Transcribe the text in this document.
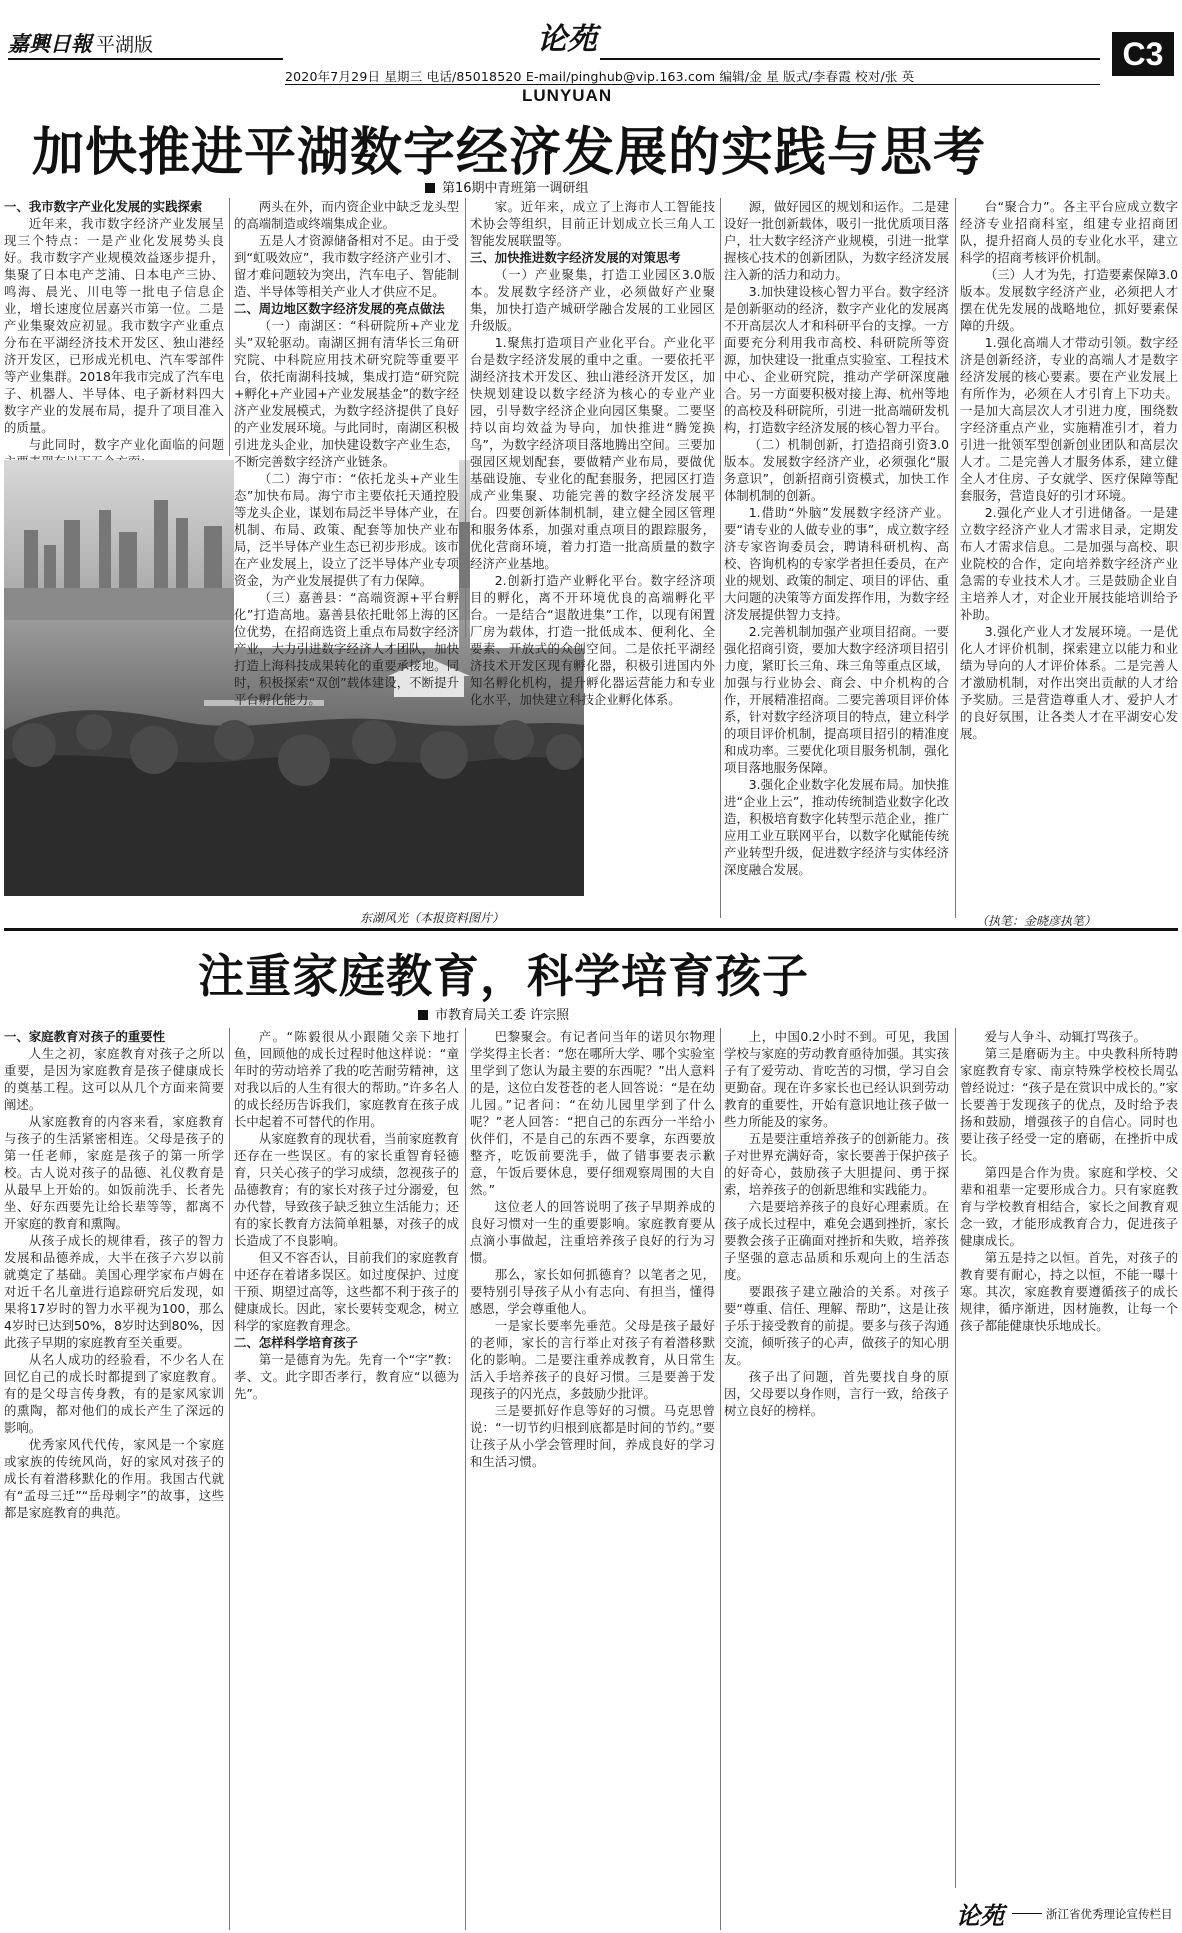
嘉興日報 平湖版	论苑
2020年7月29日 星期三 电话/85018520 E-mail/pinghub@vip.163.com 编辑/金 星 版式/李春霞 校对/张 英
LUNYUAN
C3
加快推进平湖数字经济发展的实践与思考
第16期中青班第一调研组

一、我市数字产业化发展的实践探索

近年来，我市数字经济产业发展呈现三个特点：一是产业化发展势头良好。我市数字产业规模效益逐步提升，集聚了日本电产芝浦、日本电产三协、鸣海、晨光、川电等一批电子信息企业，增长速度位居嘉兴市第一位。二是产业集聚效应初显。我市数字产业重点分布在平湖经济技术开发区、独山港经济开发区，已形成光机电、汽车零部件等产业集群。2018年我市完成了汽车电子、机器人、半导体、电子新材料四大数字产业的发展布局，提升了项目准入的质量。

与此同时，数字产业化面临的问题

两头在外，而内资企业中缺乏龙头型的高端制造或终端集成企业。

五是人才资源储备相对不足。由于受到“虹吸效应”，我市数字经济产业引才、留才难问题较为突出，汽车电子、智能制造、半导体等相关产业人才供应不足。

二、周边地区数字经济发展的亮点做法

（一）南湖区：“科研院所+产业龙头”双轮驱动。南湖区拥有清华长三角研究院、中科院应用技术研究院等重要平台，依托南湖科技城，集成打造“研究院+孵化+产业园+产业发展基金”的数字经济产业发展模式，为数字经济提供了良好的产业发展环境。与此同时，南湖区积极引进龙头企业，加快建设数字产业生态，不断完善数字经济产业链条。

（二）海宁市：“依托龙头+产业生态”加快布局。海宁市主要依托天通控股等龙头企业，谋划布局泛半导体产业，在机制、布局、政策、配套等加快产业布局，泛半导体产业生态已初步形成。该市在产业发展上，设立了泛半导体产业专项资金，为产业发展提供了有力保障。

（三）嘉善县：“高端资源+平台孵化”打造高地。嘉善县依托毗邻上海的区位优势，在招商选资上重点布局数字经济产业，大力引进数字经济人才团队，加快打造上海科技成果转化的重要承接地。同时，积极探索“双创”载体建设，不断提升平台孵化能力。

家。近年来，成立了上海市人工智能技术协会等组织，目前正计划成立长三角人工智能发展联盟等。

三、加快推进数字经济发展的对策思考

（一）产业聚集，打造工业园区3.0版本。发展数字经济产业，必须做好产业聚集，加快打造产城研学融合发展的工业园区升级版。

1.聚焦打造项目产业化平台。产业化平台是数字经济发展的重中之重。一要依托平湖经济技术开发区、独山港经济开发区，加快规划建设以数字经济为核心的专业产业园，引导数字经济企业向园区集聚。二要坚持以亩均效益为导向，加快推进“腾笼换鸟”，为数字经济项目落地腾出空间。三要加强园区规划配套，要做精产业布局，要做优基础设施、专业化的配套服务，把园区打造成产业集聚、功能完善的数字经济发展平台。四要创新体制机制，建立健全园区管理和服务体系，加强对重点项目的跟踪服务，优化营商环境，着力打造一批高质量的数字经济产业基地。

2.创新打造产业孵化平台。数字经济项目的孵化，离不开环境优良的高端孵化平台。一是结合“退散进集”工作，以现有闲置厂房为载体，打造一批低成本、便利化、全要素、开放式的众创空间。二是依托平湖经济技术开发区现有孵化器，积极引进国内外知名孵化机构，提升孵化器运营能力和专业化水平，加快建立科技企业孵化体系。

源，做好园区的规划和运作。二是建设好一批创新载体，吸引一批优质项目落户，壮大数字经济产业规模，引进一批掌握核心技术的创新团队，为数字经济发展注入新的活力和动力。

3.加快建设核心智力平台。数字经济是创新驱动的经济，数字产业化的发展离不开高层次人才和科研平台的支撑。一方面要充分利用我市高校、科研院所等资源，加快建设一批重点实验室、工程技术中心、企业研究院，推动产学研深度融合。另一方面要积极对接上海、杭州等地的高校及科研院所，引进一批高端研发机构，打造数字经济发展的核心智力平台。

（二）机制创新，打造招商引资3.0版本。发展数字经济产业，必须强化“服务意识”，创新招商引资模式，加快工作体制机制的创新。

1.借助“外脑”发展数字经济产业。要“请专业的人做专业的事”，成立数字经济专家咨询委员会，聘请科研机构、高校、咨询机构的专家学者担任委员，在产业的规划、政策的制定、项目的评估、重大问题的决策等方面发挥作用，为数字经济发展提供智力支持。

2.完善机制加强产业项目招商。一要强化招商引资，要加大数字经济项目招引力度，紧盯长三角、珠三角等重点区域，加强与行业协会、商会、中介机构的合作，开展精准招商。二要完善项目评价体系，针对数字经济项目的特点，建立科学的项目评价机制，提高项目招引的精准度和成功率。三要优化项目服务机制，强化项目落地服务保障。

3.强化企业数字化发展布局。加快推进“企业上云”，推动传统制造业数字化改造，积极培育数字化转型示范企业，推广应用工业互联网平台，以数字化赋能传统产业转型升级，促进数字经济与实体经济深度融合发展。

台“聚合力”。各主平台应成立数字经济专业招商科室，组建专业招商团队，提升招商人员的专业化水平，建立科学的招商考核评价机制。

（三）人才为先，打造要素保障3.0版本。发展数字经济产业，必须把人才摆在优先发展的战略地位，抓好要素保障的升级。

1.强化高端人才带动引领。数字经济是创新经济，专业的高端人才是数字经济发展的核心要素。要在产业发展上有所作为，必须在人才引育上下功夫。一是加大高层次人才引进力度，围绕数字经济重点产业，实施精准引才，着力引进一批领军型创新创业团队和高层次人才。二是完善人才服务体系，建立健全人才住房、子女就学、医疗保障等配套服务，营造良好的引才环境。

2.强化产业人才引进储备。一是建立数字经济产业人才需求目录，定期发布人才需求信息。二是加强与高校、职业院校的合作，定向培养数字经济产业急需的专业技术人才。三是鼓励企业自主培养人才，对企业开展技能培训给予补助。

3.强化产业人才发展环境。一是优化人才评价机制，探索建立以能力和业绩为导向的人才评价体系。二是完善人才激励机制，对作出突出贡献的人才给予奖励。三是营造尊重人才、爱护人才的良好氛围，让各类人才在平湖安心发展。

东湖风光（本报资料图片）	（执笔：金晓彦执笔）
注重家庭教育，科学培育孩子
市教育局关工委 许宗照

一、家庭教育对孩子的重要性

人生之初，家庭教育对孩子之所以重要，是因为家庭教育是孩子健康成长的奠基工程。这可以从几个方面来简要阐述。

从家庭教育的内容来看，家庭教育与孩子的生活紧密相连。父母是孩子的第一任老师，家庭是孩子的第一所学校。古人说对孩子的品德、礼仪教育是从最早上开始的。如饭前洗手、长者先坐、好东西要先让给长辈等等，都离不开家庭的教育和熏陶。

从孩子成长的规律看，孩子的智力发展和品德养成，大半在孩子六岁以前就奠定了基础。美国心理学家布卢姆在对近千名儿童进行追踪研究后发现，如果将17岁时的智力水平视为100，那么4岁时已达到50%，8岁时达到80%，因此孩子早期的家庭教育至关重要。

从名人成功的经验看，不少名人在回忆自己的成长时都提到了家庭教育。有的是父母言传身教，有的是家风家训的熏陶，都对他们的成长产生了深远的影响。

优秀家风代代传，家风是一个家庭或家族的传统风尚，好的家风对孩子的成长有着潜移默化的作用。我国古代就有“孟母三迁”“岳母刺字”的故事，这些都是家庭教育的典范。

产。“陈毅很从小跟随父亲下地打鱼，回顾他的成长过程时他这样说：“童年时的劳动培养了我的吃苦耐劳精神，这对我以后的人生有很大的帮助。”许多名人的成长经历告诉我们，家庭教育在孩子成长中起着不可替代的作用。

从家庭教育的现状看，当前家庭教育还存在一些误区。有的家长重智育轻德育，只关心孩子的学习成绩，忽视孩子的品德教育；有的家长对孩子过分溺爱，包办代替，导致孩子缺乏独立生活能力；还有的家长教育方法简单粗暴，对孩子的成长造成了不良影响。

但又不容否认，目前我们的家庭教育中还存在着诸多误区。如过度保护、过度干预、期望过高等，这些都不利于孩子的健康成长。因此，家长要转变观念，树立科学的家庭教育理念。

二、怎样科学培育孩子

第一是德育为先。先育一个“字”教：孝、文。此字即否孝行，教育应“以德为先”。

巴黎聚会。有记者问当年的诺贝尔物理学奖得主长者：“您在哪所大学、哪个实验室里学到了您认为最主要的东西呢？”出人意料的是，这位白发苍苍的老人回答说：“是在幼儿园。”记者问：“在幼儿园里学到了什么呢？”老人回答：“把自己的东西分一半给小伙伴们，不是自己的东西不要拿，东西要放整齐，吃饭前要洗手，做了错事要表示歉意，午饭后要休息，要仔细观察周围的大自然。”

这位老人的回答说明了孩子早期养成的良好习惯对一生的重要影响。家庭教育要从点滴小事做起，注重培养孩子良好的行为习惯。

那么，家长如何抓德育？以笔者之见，要特别引导孩子从小有志向、有担当，懂得感恩，学会尊重他人。

一是家长要率先垂范。父母是孩子最好的老师，家长的言行举止对孩子有着潜移默化的影响。二是要注重养成教育，从日常生活入手培养孩子的良好习惯。三是要善于发现孩子的闪光点，多鼓励少批评。

三是要抓好作息等好的习惯。马克思曾说：“一切节约归根到底都是时间的节约。”要让孩子从小学会管理时间，养成良好的学习和生活习惯。

上，中国0.2小时不到。可见，我国学校与家庭的劳动教育亟待加强。其实孩子有了爱劳动、肯吃苦的习惯，学习自会更勤奋。现在许多家长也已经认识到劳动教育的重要性，开始有意识地让孩子做一些力所能及的家务。

五是要注重培养孩子的创新能力。孩子对世界充满好奇，家长要善于保护孩子的好奇心，鼓励孩子大胆提问、勇于探索，培养孩子的创新思维和实践能力。

六是要培养孩子的良好心理素质。在孩子成长过程中，难免会遇到挫折，家长要教会孩子正确面对挫折和失败，培养孩子坚强的意志品质和乐观向上的生活态度。

要跟孩子建立融洽的关系。对孩子要“尊重、信任、理解、帮助”，这是让孩子乐于接受教育的前提。要多与孩子沟通交流，倾听孩子的心声，做孩子的知心朋友。

孩子出了问题，首先要找自身的原因，父母要以身作则，言行一致，给孩子树立良好的榜样。

爱与人争斗、动辄打骂孩子。

第三是磨砺为主。中央教科所特聘家庭教育专家、南京特殊学校校长周弘曾经说过：“孩子是在赏识中成长的。”家长要善于发现孩子的优点，及时给予表扬和鼓励，增强孩子的自信心。同时也要让孩子经受一定的磨砺，在挫折中成长。

第四是合作为贵。家庭和学校、父辈和祖辈一定要形成合力。只有家庭教育与学校教育相结合，家长之间教育观念一致，才能形成教育合力，促进孩子健康成长。

第五是持之以恒。首先，对孩子的教育要有耐心，持之以恒，不能一曝十寒。其次，家庭教育要遵循孩子的成长规律，循序渐进，因材施教，让每一个孩子都能健康快乐地成长。

论苑	浙江省优秀理论宣传栏目
